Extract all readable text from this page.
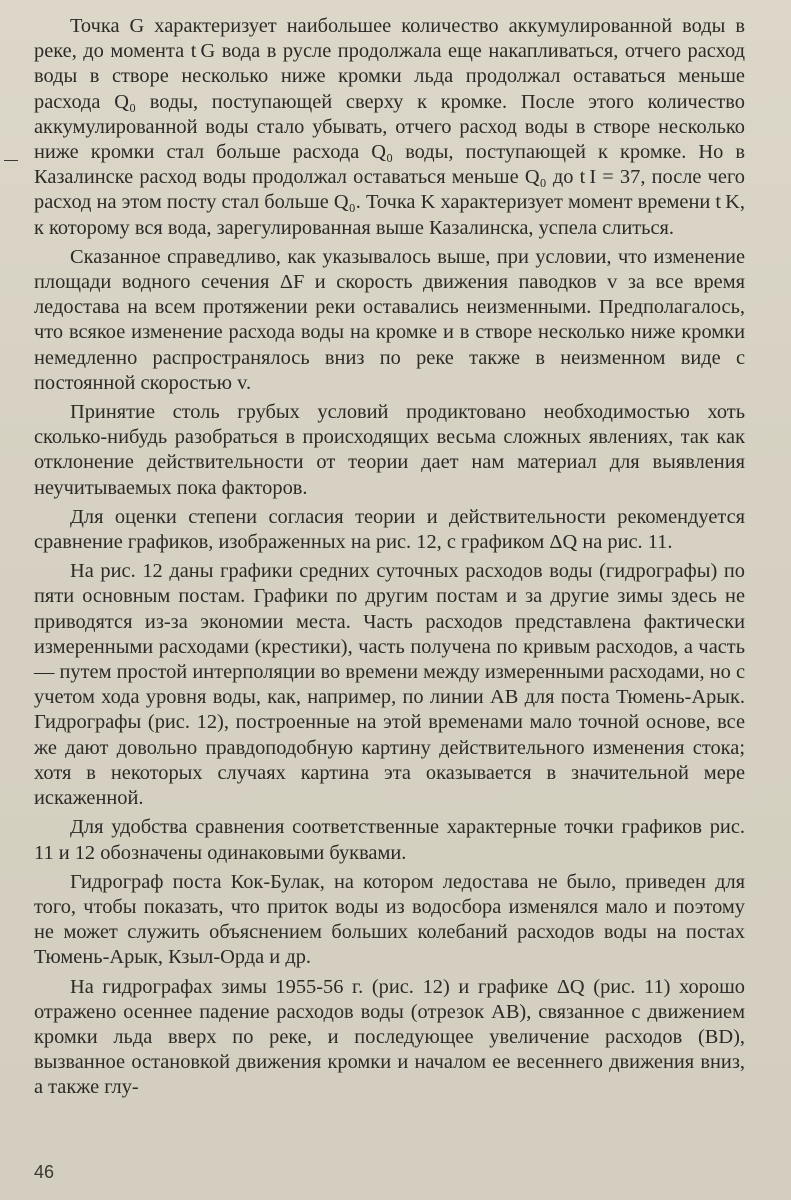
Точка G характеризует наибольшее количество аккумулированной воды в реке, до момента t G вода в русле продолжала еще накапливаться, отчего расход воды в створе несколько ниже кромки льда продолжал оставаться меньше расхода Q₀ воды, поступающей сверху к кромке. После этого количество аккумулированной воды стало убывать, отчего расход воды в створе несколько ниже кромки стал больше расхода Q₀ воды, поступающей к кромке. Но в Казалинске расход воды продолжал оставаться меньше Q₀ до t I = 37, после чего расход на этом посту стал больше Q₀. Точка K характеризует момент времени t K, к которому вся вода, зарегулированная выше Казалинска, успела слиться.

Сказанное справедливо, как указывалось выше, при условии, что изменение площади водного сечения ΔF и скорость движения паводков v за все время ледостава на всем протяжении реки оставались неизменными. Предполагалось, что всякое изменение расхода воды на кромке и в створе несколько ниже кромки немедленно распространялось вниз по реке также в неизменном виде с постоянной скоростью v.

Принятие столь грубых условий продиктовано необходимостью хоть сколько-нибудь разобраться в происходящих весьма сложных явлениях, так как отклонение действительности от теории дает нам материал для выявления неучитываемых пока факторов.

Для оценки степени согласия теории и действительности рекомендуется сравнение графиков, изображенных на рис. 12, с графиком ΔQ на рис. 11.

На рис. 12 даны графики средних суточных расходов воды (гидрографы) по пяти основным постам. Графики по другим постам и за другие зимы здесь не приводятся из-за экономии места. Часть расходов представлена фактически измеренными расходами (крестики), часть получена по кривым расходов, а часть — путем простой интерполяции во времени между измеренными расходами, но с учетом хода уровня воды, как, например, по линии AB для поста Тюмень-Арык. Гидрографы (рис. 12), построенные на этой временами мало точной основе, все же дают довольно правдоподобную картину действительного изменения стока; хотя в некоторых случаях картина эта оказывается в значительной мере искаженной.

Для удобства сравнения соответственные характерные точки графиков рис. 11 и 12 обозначены одинаковыми буквами.

Гидрограф поста Кок-Булак, на котором ледостава не было, приведен для того, чтобы показать, что приток воды из водосбора изменялся мало и поэтому не может служить объяснением больших колебаний расходов воды на постах Тюмень-Арык, Кзыл-Орда и др.

На гидрографах зимы 1955-56 г. (рис. 12) и графике ΔQ (рис. 11) хорошо отражено осеннее падение расходов воды (отрезок AB), связанное с движением кромки льда вверх по реке, и последующее увеличение расходов (BD), вызванное остановкой движения кромки и началом ее весеннего движения вниз, а также глу-

46
